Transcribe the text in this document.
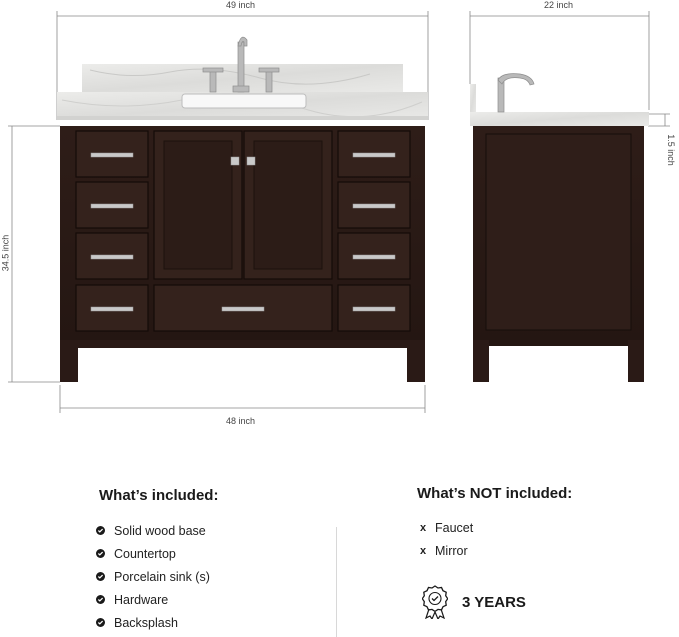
49 inch
48 inch
34.5 inch
22 inch
1.5 inch
What’s included:
Solid wood base
Countertop
Porcelain sink (s)
Hardware
Backsplash
What’s NOT included:
x Faucet
x Mirror
3 YEARS
